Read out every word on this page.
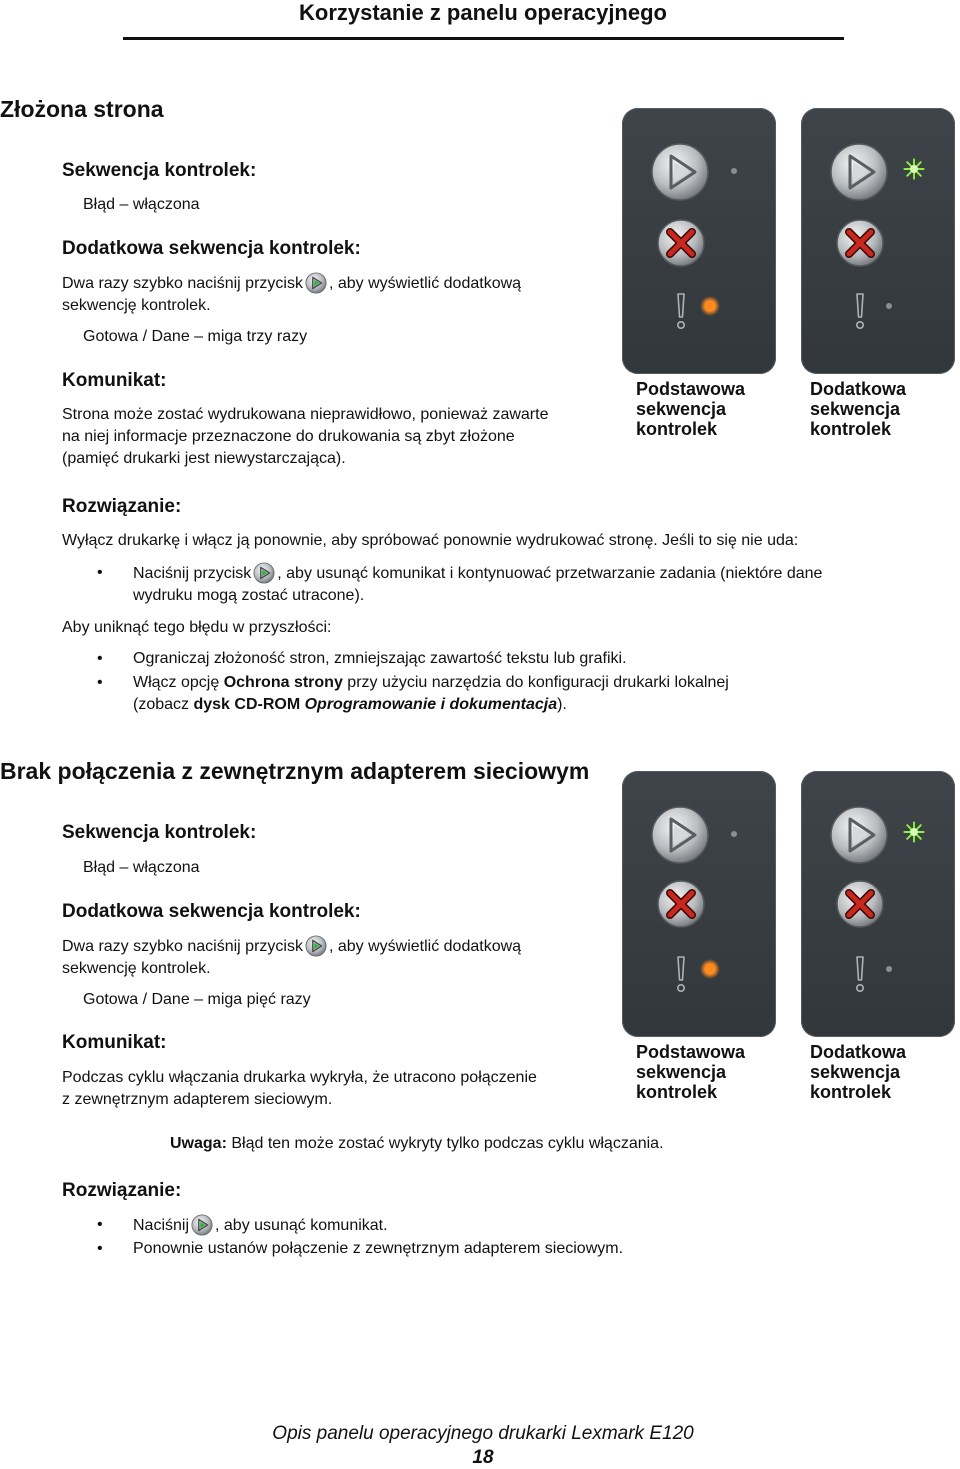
Korzystanie z panelu operacyjnego
Złożona strona
Sekwencja kontrolek:
Błąd – włączona
Dodatkowa sekwencja kontrolek:
Dwa razy szybko naciśnij przycisk , aby wyświetlić dodatkową
sekwencję kontrolek.
Gotowa / Dane – miga trzy razy
Komunikat:
Strona może zostać wydrukowana nieprawidłowo, ponieważ zawarte
na niej informacje przeznaczone do drukowania są zbyt złożone
(pamięć drukarki jest niewystarczająca).
Podstawowa
sekwencja
kontrolek
Dodatkowa
sekwencja
kontrolek
Rozwiązanie:
Wyłącz drukarkę i włącz ją ponownie, aby spróbować ponownie wydrukować stronę. Jeśli to się nie uda:
• Naciśnij przycisk , aby usunąć komunikat i kontynuować przetwarzanie zadania (niektóre dane
wydruku mogą zostać utracone).
Aby uniknąć tego błędu w przyszłości:
• Ograniczaj złożoność stron, zmniejszając zawartość tekstu lub grafiki.
• Włącz opcję Ochrona strony przy użyciu narzędzia do konfiguracji drukarki lokalnej
(zobacz dysk CD-ROM Oprogramowanie i dokumentacja).
Brak połączenia z zewnętrznym adapterem sieciowym
Sekwencja kontrolek:
Błąd – włączona
Dodatkowa sekwencja kontrolek:
Dwa razy szybko naciśnij przycisk , aby wyświetlić dodatkową
sekwencję kontrolek.
Gotowa / Dane – miga pięć razy
Komunikat:
Podczas cyklu włączania drukarka wykryła, że utracono połączenie
z zewnętrznym adapterem sieciowym.
Podstawowa
sekwencja
kontrolek
Dodatkowa
sekwencja
kontrolek
Uwaga: Błąd ten może zostać wykryty tylko podczas cyklu włączania.
Rozwiązanie:
• Naciśnij , aby usunąć komunikat.
• Ponownie ustanów połączenie z zewnętrznym adapterem sieciowym.
Opis panelu operacyjnego drukarki Lexmark E120
18
